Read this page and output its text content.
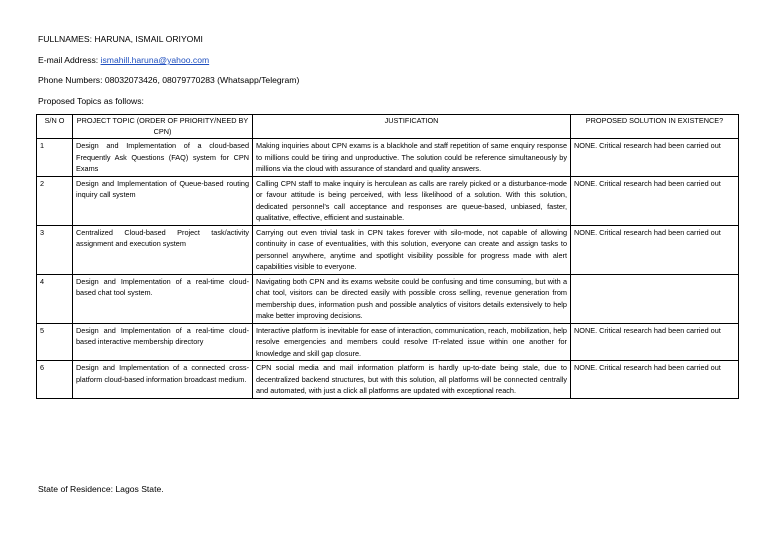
FULLNAMES: HARUNA, ISMAIL ORIYOMI
E-mail Address: ismahill.haruna@yahoo.com
Phone Numbers: 08032073426, 08079770283 (Whatsapp/Telegram)
Proposed Topics as follows:
S/N O	PROJECT TOPIC (ORDER OF PRIORITY/NEED BY CPN)	JUSTIFICATION	PROPOSED SOLUTION IN EXISTENCE?
1	Design and Implementation of a cloud-based Frequently Ask Questions (FAQ) system for CPN Exams	Making inquiries about CPN exams is a blackhole and staff repetition of same enquiry response to millions could be tiring and unproductive. The solution could be reference simultaneously by millions via the cloud with assurance of standard and quality answers.	NONE. Critical research had been carried out
2	Design and Implementation of Queue-based routing inquiry call system	Calling CPN staff to make inquiry is herculean as calls are rarely picked or a disturbance-mode or favour attitude is being perceived, with less likelihood of a solution. With this solution, dedicated personnel’s call acceptance and responses are queue-based, unbiased, faster, qualitative, effective, efficient and sustainable.	NONE. Critical research had been carried out
3	Centralized Cloud-based Project task/activity assignment and execution system	Carrying out even trivial task in CPN takes forever with silo-mode, not capable of allowing continuity in case of eventualities, with this solution, everyone can create and assign tasks to personnel anywhere, anytime and spotlight visibility possible for progress made with alert capabilities visible to everyone.	NONE. Critical research had been carried out
4	Design and Implementation of a real-time cloud-based chat tool system.	Navigating both CPN and its exams website could be confusing and time consuming, but with a chat tool, visitors can be directed easily with possible cross selling, revenue generation from membership dues, information push and possible analytics of visitors details extensively to help make better improving decisions.	
5	Design and Implementation of a real-time cloud-based interactive membership directory	Interactive platform is inevitable for ease of interaction, communication, reach, mobilization, help resolve emergencies and members could resolve IT-related issue within one another for knowledge and skill gap closure.	NONE. Critical research had been carried out
6	Design and Implementation of a connected cross-platform cloud-based information broadcast medium.	CPN social media and mail information platform is hardly up-to-date being stale, due to decentralized backend structures, but with this solution, all platforms will be connected centrally and automated, with just a click all platforms are updated with exceptional reach.	NONE. Critical research had been carried out
State of Residence: Lagos State.
